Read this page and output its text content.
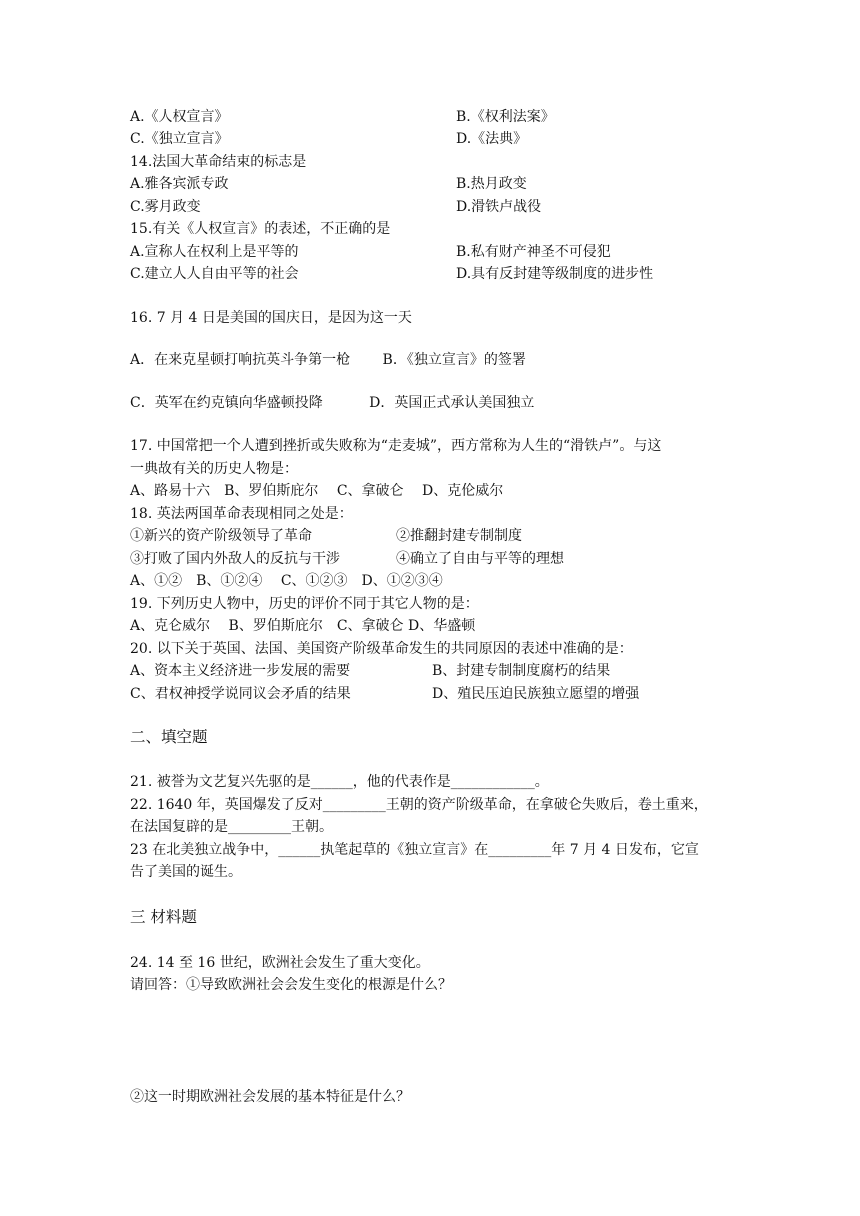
A.《人权宣言》	B.《权利法案》
C.《独立宣言》	D.《法典》
14.法国大革命结束的标志是
A.雅各宾派专政	B.热月政变
C.雾月政变	D.滑铁卢战役
15.有关《人权宣言》的表述，不正确的是
A.宣称人在权利上是平等的	B.私有财产神圣不可侵犯
C.建立人人自由平等的社会	D.具有反封建等级制度的进步性
16. 7 月 4 日是美国的国庆日，是因为这一天
A．在来克星顿打响抗英斗争第一枪 　　B．《独立宣言》的签署
C．英军在约克镇向华盛顿投降 　　　D．英国正式承认美国独立
17. 中国常把一个人遭到挫折或失败称为“走麦城”，西方常称为人生的“滑铁卢”。与这
一典故有关的历史人物是：
A、路易十六　B、罗伯斯庇尔　 C、拿破仑　 D、克伦威尔
18. 英法两国革命表现相同之处是：
①新兴的资产阶级领导了革命	②推翻封建专制制度
③打败了国内外敌人的反抗与干涉	④确立了自由与平等的理想
A、①②　B、①②④　 C、①②③　D、①②③④
19. 下列历史人物中，历史的评价不同于其它人物的是：
A、克仑威尔　 B、罗伯斯庇尔　C、拿破仑 D、华盛顿
20. 以下关于英国、法国、美国资产阶级革命发生的共同原因的表述中准确的是：
A、资本主义经济进一步发展的需要	B、封建专制制度腐朽的结果
C、君权神授学说同议会矛盾的结果	D、殖民压迫民族独立愿望的增强
二、填空题
21. 被誉为文艺复兴先驱的是______，他的代表作是____________。
22. 1640 年，英国爆发了反对_________王朝的资产阶级革命，在拿破仑失败后，卷土重来，
在法国复辟的是_________王朝。
23 在北美独立战争中，______执笔起草的《独立宣言》在_________年 7 月 4 日发布，它宣
告了美国的诞生。
三 材料题
24. 14 至 16 世纪，欧洲社会发生了重大变化。
请回答：①导致欧洲社会会发生变化的根源是什么？
②这一时期欧洲社会发展的基本特征是什么？
